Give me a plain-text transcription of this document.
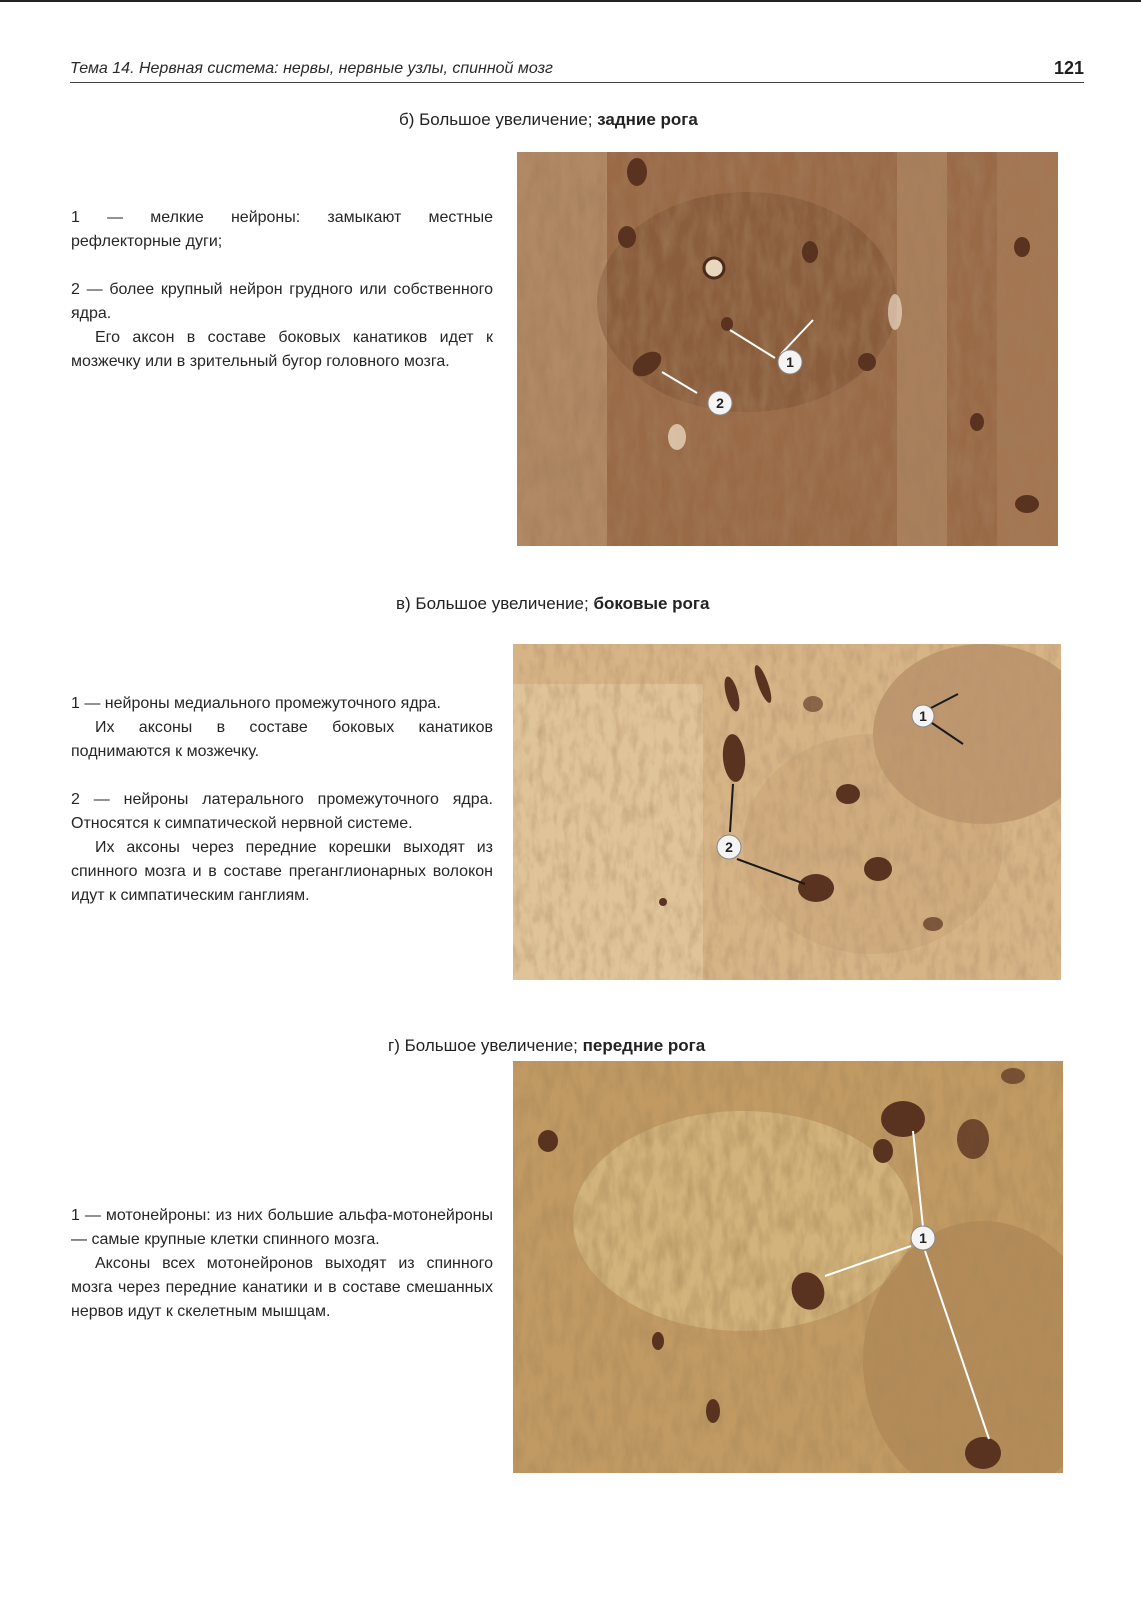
Тема 14. Нервная система: нервы, нервные узлы, спинной мозг	121
б) Большое увеличение; задние рога

1 — мелкие нейроны: замыкают местные рефлекторные дуги;

2 — более крупный нейрон грудного или собственного ядра.

Его аксон в составе боковых канатиков идет к мозжечку или в зрительный бугор головного мозга.	1
2
в) Большое увеличение; боковые рога

1 — нейроны медиального промежуточного ядра.

Их аксоны в составе боковых канатиков поднимаются к мозжечку.

2 — нейроны латерального промежуточного ядра. Относятся к симпатической нервной системе.

Их аксоны через передние корешки выходят из спинного мозга и в составе преганглионарных волокон идут к симпатическим ганглиям.

1
2
г) Большое увеличение; передние рога

1 — мотонейроны: из них большие альфа-мотонейроны — самые крупные клетки спинного мозга.

Аксоны всех мотонейронов выходят из спинного мозга через передние канатики и в составе смешанных нервов идут к скелетным мышцам.

1
